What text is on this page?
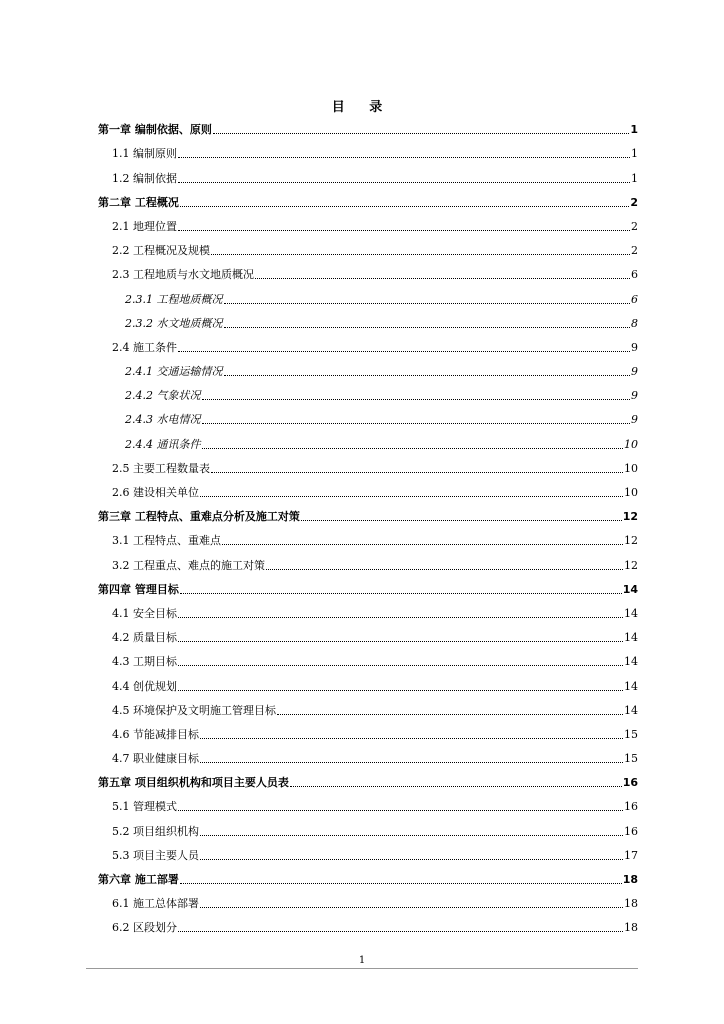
目 录
第一章 编制依据、原则	1
1.1 编制原则	1
1.2 编制依据	1
第二章 工程概况	2
2.1 地理位置	2
2.2 工程概况及规模	2
2.3 工程地质与水文地质概况	6
2.3.1 工程地质概况	6
2.3.2 水文地质概况	8
2.4 施工条件	9
2.4.1 交通运输情况	9
2.4.2 气象状况	9
2.4.3 水电情况	9
2.4.4 通讯条件	10
2.5 主要工程数量表	10
2.6 建设相关单位	10
第三章 工程特点、重难点分析及施工对策	12
3.1 工程特点、重难点	12
3.2 工程重点、难点的施工对策	12
第四章 管理目标	14
4.1 安全目标	14
4.2 质量目标	14
4.3 工期目标	14
4.4 创优规划	14
4.5 环境保护及文明施工管理目标	14
4.6 节能减排目标	15
4.7 职业健康目标	15
第五章 项目组织机构和项目主要人员表	16
5.1 管理模式	16
5.2 项目组织机构	16
5.3 项目主要人员	17
第六章 施工部署	18
6.1 施工总体部署	18
6.2 区段划分	18
1
